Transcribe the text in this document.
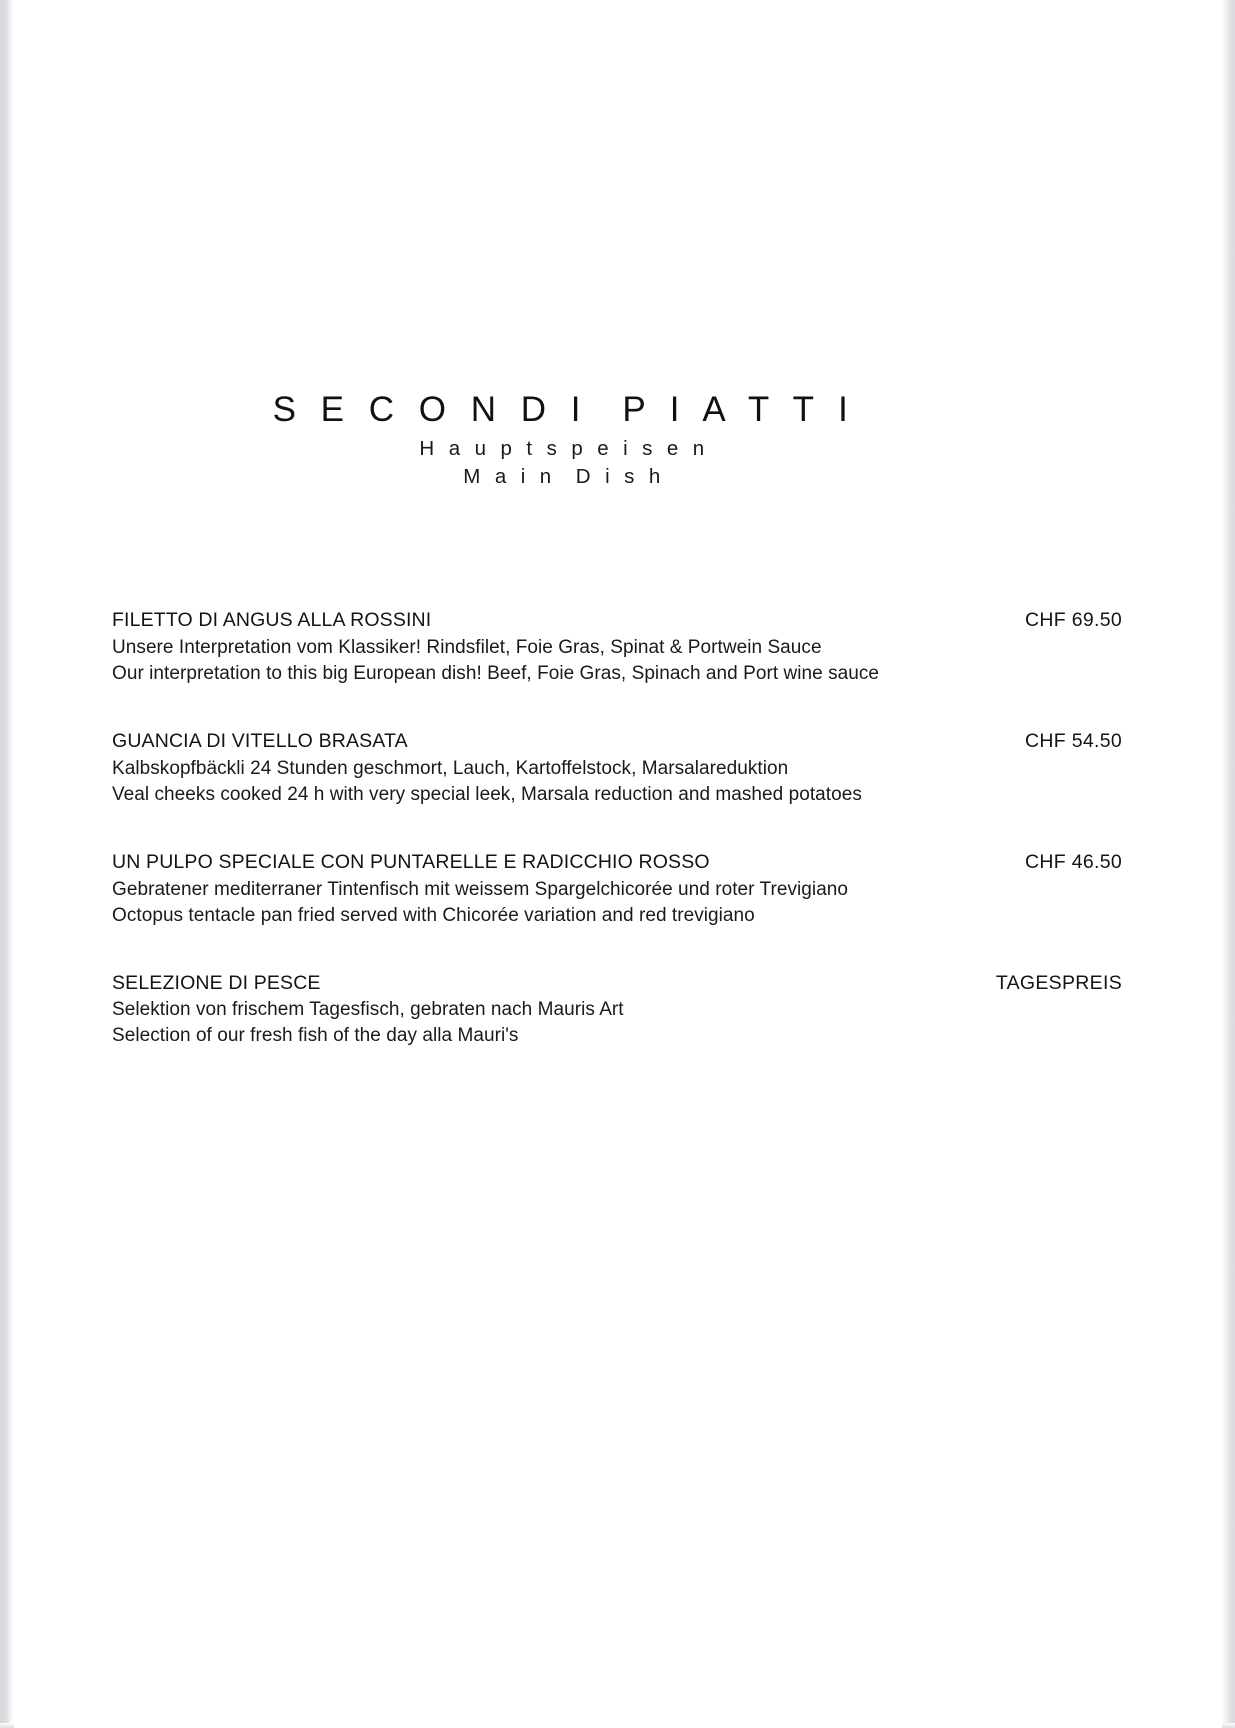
S E C O N D I  P I A T T I
H a u p t s p e i s e n
M a i n  D i s h
FILETTO DI ANGUS ALLA ROSSINI	CHF 69.50
Unsere Interpretation vom Klassiker! Rindsfilet, Foie Gras, Spinat & Portwein Sauce
Our interpretation to this big European dish! Beef, Foie Gras, Spinach and Port wine sauce
GUANCIA DI VITELLO BRASATA	CHF 54.50
Kalbskopfbäckli 24 Stunden geschmort, Lauch, Kartoffelstock, Marsalareduktion
Veal cheeks cooked 24 h with very special leek, Marsala reduction and mashed potatoes
UN PULPO SPECIALE CON PUNTARELLE E RADICCHIO ROSSO	CHF 46.50
Gebratener mediterraner Tintenfisch mit weissem Spargelchicorée und roter Trevigiano
Octopus tentacle pan fried served with Chicorée variation and red trevigiano
SELEZIONE DI PESCE	TAGESPREIS
Selektion von frischem Tagesfisch, gebraten nach Mauris Art
Selection of our fresh fish of the day alla Mauri's
